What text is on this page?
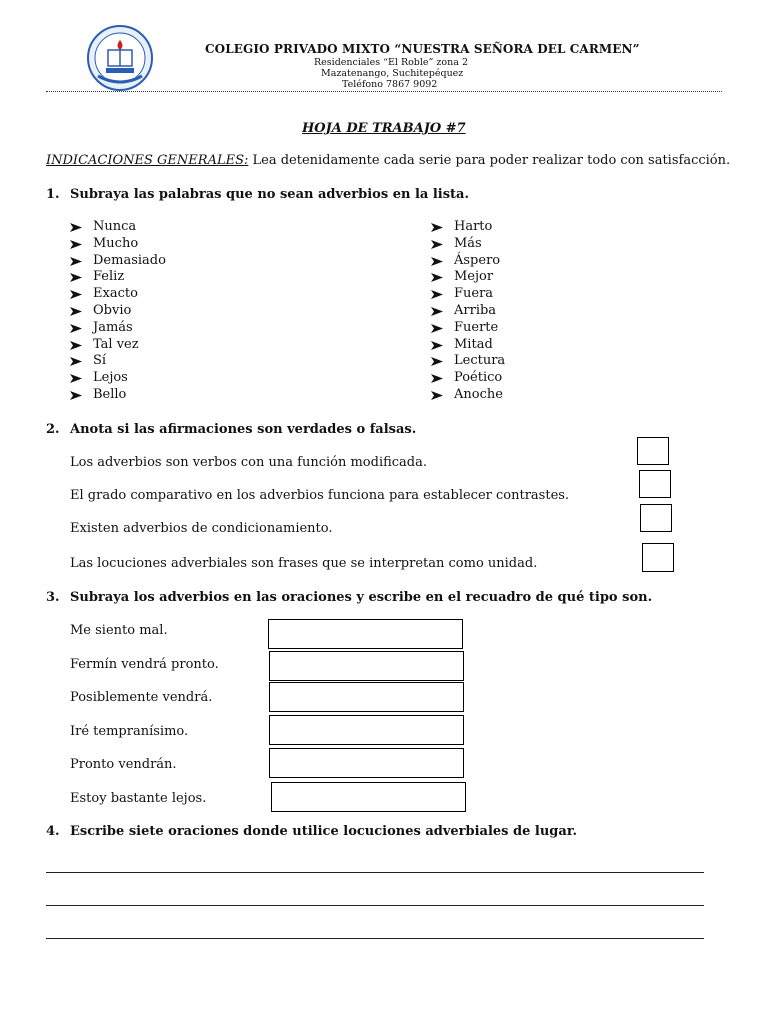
COLEGIO PRIVADO MIXTO “NUESTRA SEÑORA DEL CARMEN”
Residenciales “El Roble” zona 2
Mazatenango, Suchitepéquez
Teléfono 7867 9092
HOJA DE TRABAJO #7
INDICACIONES GENERALES: Lea detenidamente cada serie para poder realizar todo con satisfacción.
1. Subraya las palabras que no sean adverbios en la lista.
Nunca
Mucho
Demasiado
Feliz
Exacto
Obvio
Jamás
Tal vez
Sí
Lejos
Bello
Harto
Más
Áspero
Mejor
Fuera
Arriba
Fuerte
Mitad
Lectura
Poético
Anoche
2. Anota si las afirmaciones son verdades o falsas.
Los adverbios son verbos con una función modificada.
El grado comparativo en los adverbios funciona para establecer contrastes.
Existen adverbios de condicionamiento.
Las locuciones adverbiales son frases que se interpretan como unidad.
3. Subraya los adverbios en las oraciones y escribe en el recuadro de qué tipo son.
Me siento mal.
Fermín vendrá pronto.
Posiblemente vendrá.
Iré tempranísimo.
Pronto vendrán.
Estoy bastante lejos.
4. Escribe siete oraciones donde utilice locuciones adverbiales de lugar.
